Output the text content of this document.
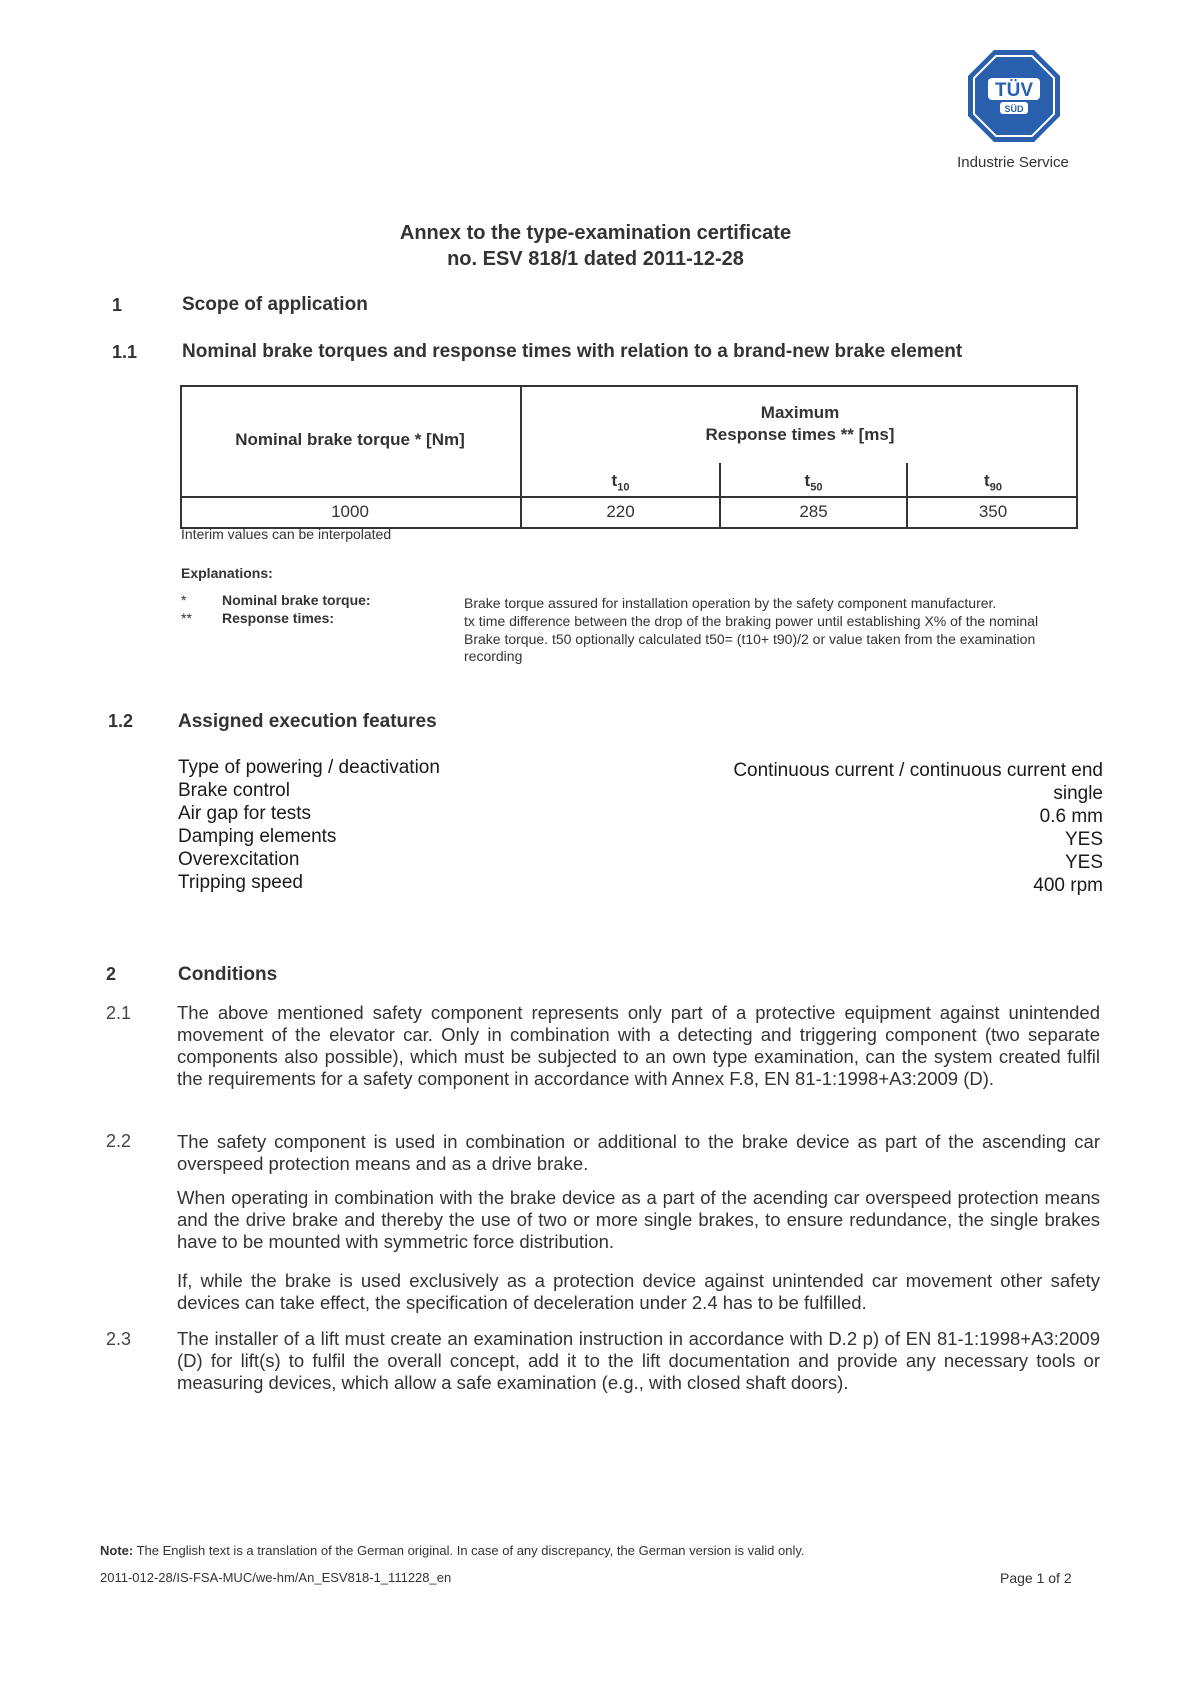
TÜV
SÜD
Industrie Service
Annex to the type-examination certificate
no. ESV 818/1 dated 2011-12-28
1	Scope of application
1.1 Nominal brake torques and response times with relation to a brand-new brake element
Nominal brake torque * [Nm]
Maximum
Response times ** [ms]
$t_{10}$	$t_{50}$	$t_{90}$
1000	220	285	350
Interim values can be interpolated
Explanations:
*	Nominal brake torque:	Brake torque assured for installation operation by the safety component manufacturer.
** Response times:	tx time difference between the drop of the braking power until establishing X% of the nominal
Brake torque. t50 optionally calculated t50= (t10+ t90)/2 or value taken from the examination
recording
1.2 Assigned execution features
Type of powering / deactivation	Continuous current / continuous current end
Brake control	single
Air gap for tests	0.6 mm
Damping elements	YES
Overexcitation	YES
Tripping speed	400 rpm
2	Conditions
2.1 The above mentioned safety component represents only part of a protective equipment against unintended movement of the elevator car. Only in combination with a detecting and triggering component (two separate components also possible), which must be subjected to an own type examination, can the system created fulfil the requirements for a safety component in accordance with Annex F.8, EN 81-1:1998+A3:2009 (D).
2.2 The safety component is used in combination or additional to the brake device as part of the ascending car overspeed protection means and as a drive brake.
When operating in combination with the brake device as a part of the acending car overspeed protection means and the drive brake and thereby the use of two or more single brakes, to ensure redundance, the single brakes have to be mounted with symmetric force distribution.
If, while the brake is used exclusively as a protection device against unintended car movement other safety devices can take effect, the specification of deceleration under 2.4 has to be fulfilled.
2.3 The installer of a lift must create an examination instruction in accordance with D.2 p) of EN 81-1:1998+A3:2009 (D) for lift(s) to fulfil the overall concept, add it to the lift documentation and provide any necessary tools or measuring devices, which allow a safe examination (e.g., with closed shaft doors).
Note: The English text is a translation of the German original. In case of any discrepancy, the German version is valid only.
2011-012-28/IS-FSA-MUC/we-hm/An_ESV818-1_111228_en	Page 1 of 2
